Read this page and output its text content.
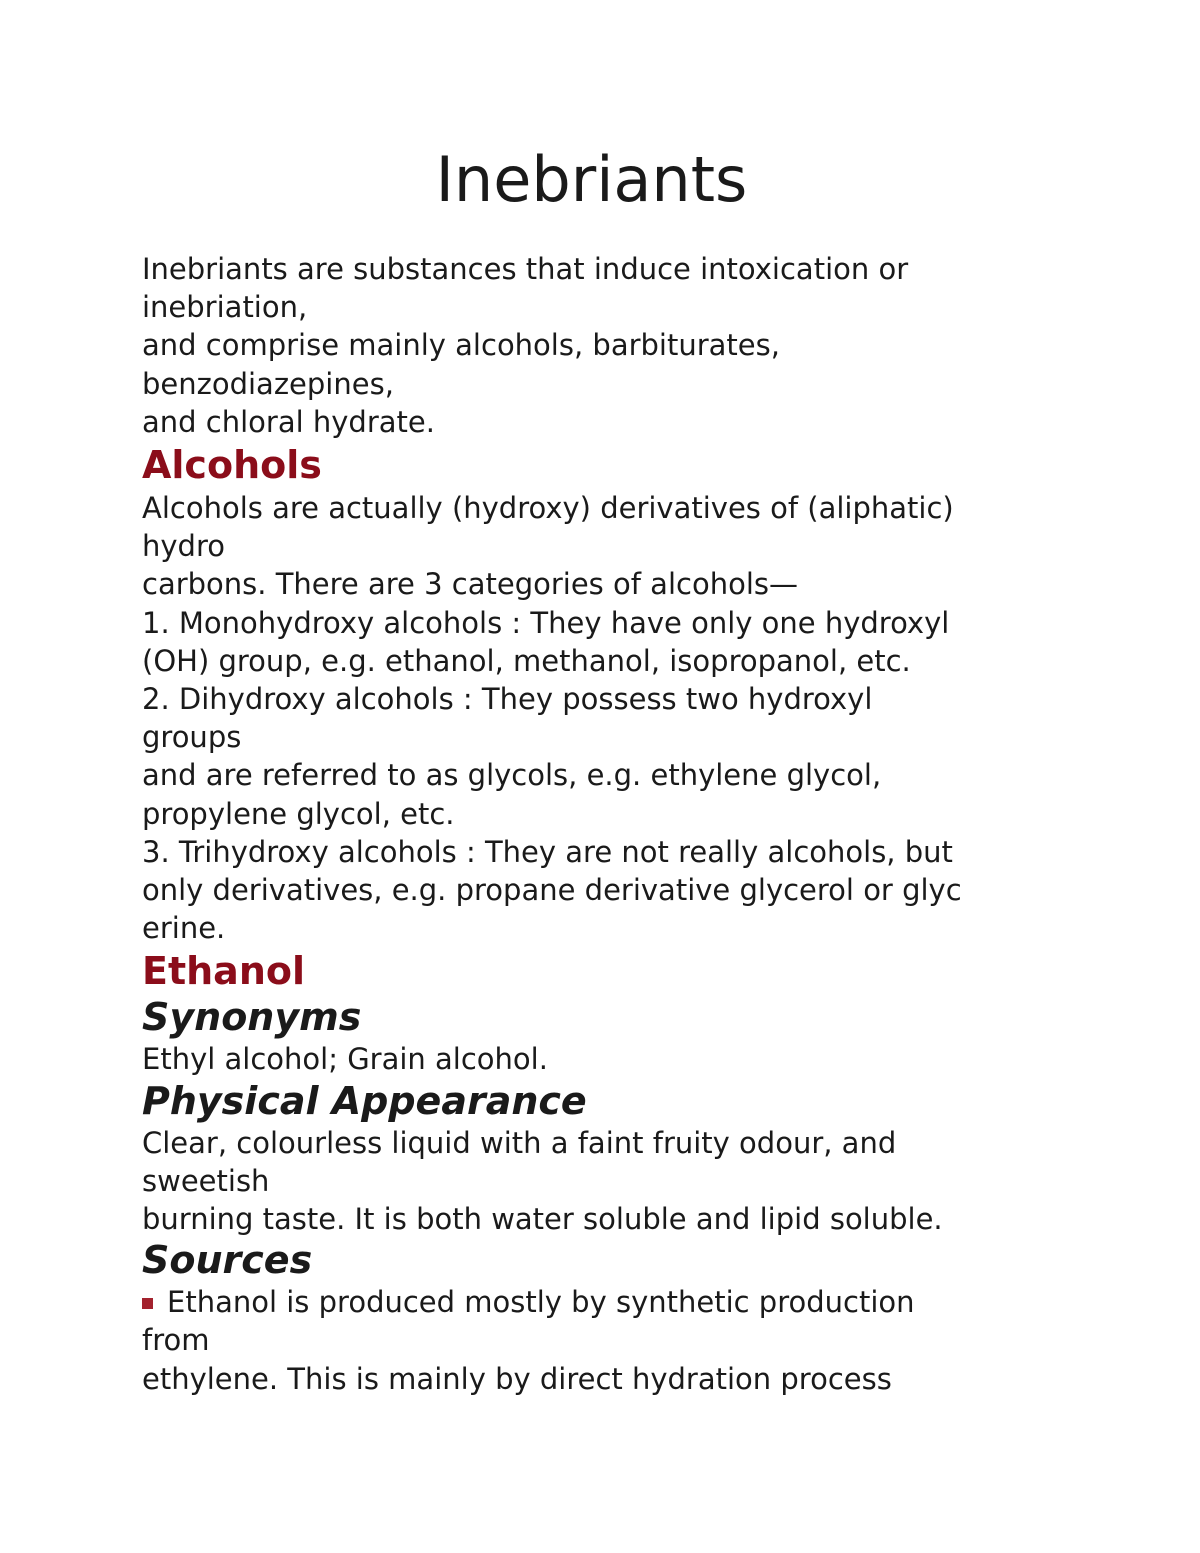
Inebriants

Inebriants are substances that induce intoxication or

inebriation,

and comprise mainly alcohols, barbiturates,

benzodiazepines,

and chloral hydrate.

Alcohols

Alcohols are actually (hydroxy) derivatives of (aliphatic)

hydro

carbons. There are 3 categories of alcohols—

1. Monohydroxy alcohols : They have only one hydroxyl

(OH) group, e.g. ethanol, methanol, isopropanol, etc.

2. Dihydroxy alcohols : They possess two hydroxyl

groups

and are referred to as glycols, e.g. ethylene glycol,

propylene glycol, etc.

3. Trihydroxy alcohols : They are not really alcohols, but

only derivatives, e.g. propane derivative glycerol or glyc

erine.

Ethanol
Synonyms

Ethyl alcohol; Grain alcohol.

Physical Appearance

Clear, colourless liquid with a faint fruity odour, and

sweetish

burning taste. It is both water soluble and lipid soluble.

Sources

Ethanol is produced mostly by synthetic production

from

ethylene. This is mainly by direct hydration process
